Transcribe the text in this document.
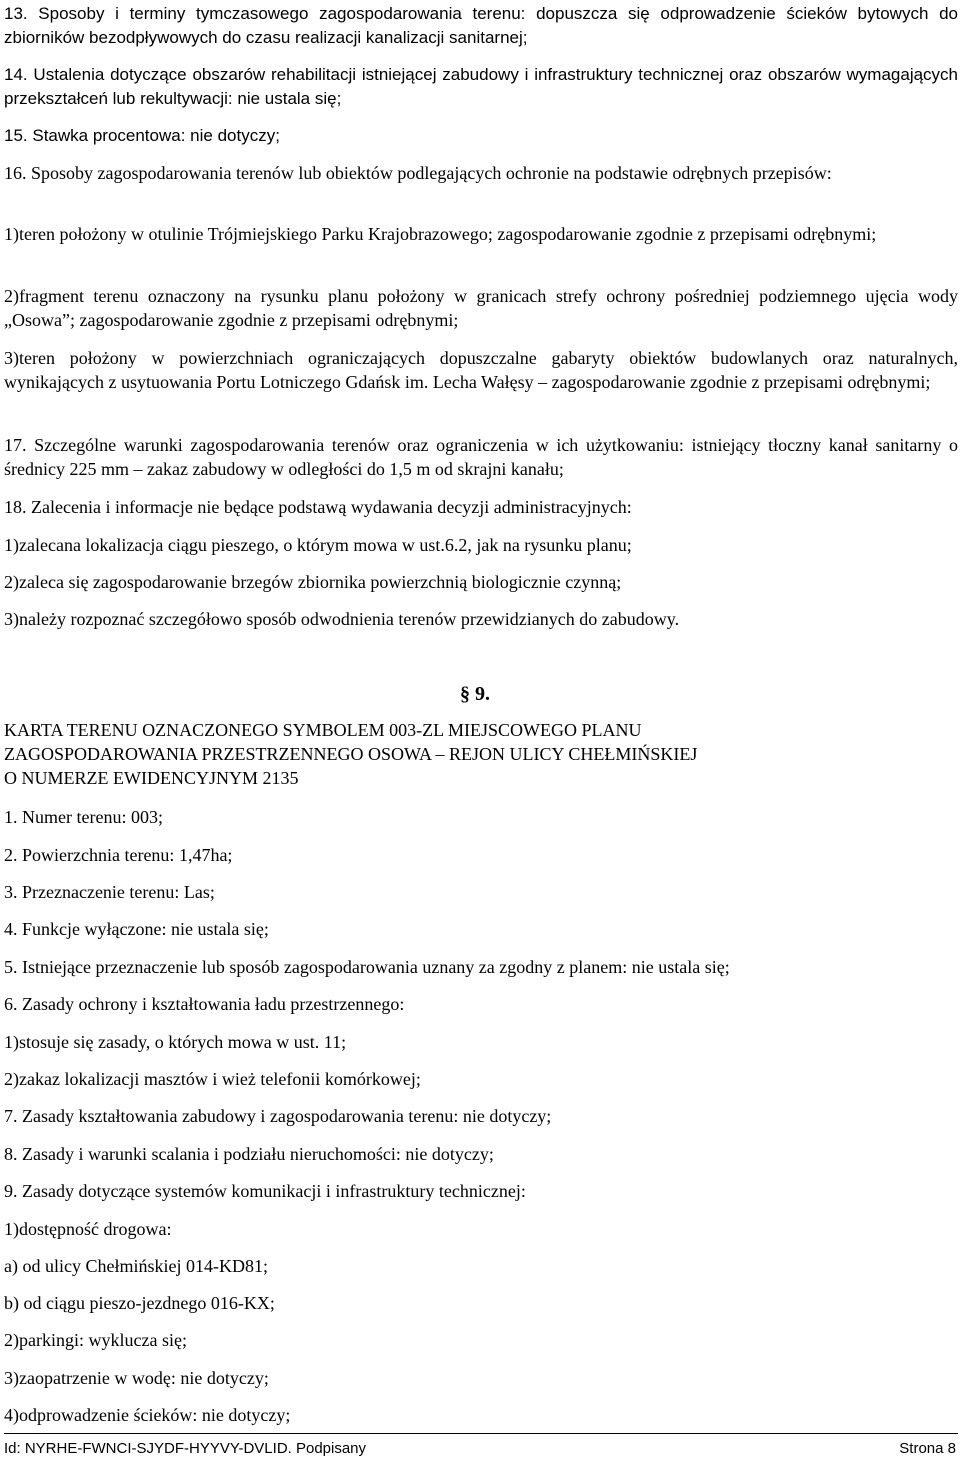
13. Sposoby i terminy tymczasowego zagospodarowania terenu: dopuszcza się odprowadzenie ścieków bytowych do zbiorników bezodpływowych do czasu realizacji kanalizacji sanitarnej;

14. Ustalenia dotyczące obszarów rehabilitacji istniejącej zabudowy i infrastruktury technicznej oraz obszarów wymagających przekształceń lub rekultywacji: nie ustala się;

15. Stawka procentowa: nie dotyczy;

16. Sposoby zagospodarowania terenów lub obiektów podlegających ochronie na podstawie odrębnych przepisów:

1)teren położony w otulinie Trójmiejskiego Parku Krajobrazowego; zagospodarowanie zgodnie z przepisami odrębnymi;

2)fragment terenu oznaczony na rysunku planu położony w granicach strefy ochrony pośredniej podziemnego ujęcia wody „Osowa”; zagospodarowanie zgodnie z przepisami odrębnymi;

3)teren położony w powierzchniach ograniczających dopuszczalne gabaryty obiektów budowlanych oraz naturalnych, wynikających z usytuowania Portu Lotniczego Gdańsk im. Lecha Wałęsy – zagospodarowanie zgodnie z przepisami odrębnymi;

17. Szczególne warunki zagospodarowania terenów oraz ograniczenia w ich użytkowaniu: istniejący tłoczny kanał sanitarny o średnicy 225 mm – zakaz zabudowy w odległości do 1,5 m od skrajni kanału;

18. Zalecenia i informacje nie będące podstawą wydawania decyzji administracyjnych:

1)zalecana lokalizacja ciągu pieszego, o którym mowa w ust.6.2, jak na rysunku planu;

2)zaleca się zagospodarowanie brzegów zbiornika powierzchnią biologicznie czynną;

3)należy rozpoznać szczegółowo sposób odwodnienia terenów przewidzianych do zabudowy.

§ 9.
KARTA TERENU OZNACZONEGO SYMBOLEM 003-ZL MIEJSCOWEGO PLANU
ZAGOSPODAROWANIA PRZESTRZENNEGO OSOWA – REJON ULICY CHEŁMIŃSKIEJ
O NUMERZE EWIDENCYJNYM 2135

1. Numer terenu: 003;

2. Powierzchnia terenu: 1,47ha;

3. Przeznaczenie terenu: Las;

4. Funkcje wyłączone: nie ustala się;

5. Istniejące przeznaczenie lub sposób zagospodarowania uznany za zgodny z planem: nie ustala się;

6. Zasady ochrony i kształtowania ładu przestrzennego:

1)stosuje się zasady, o których mowa w ust. 11;

2)zakaz lokalizacji masztów i wież telefonii komórkowej;

7. Zasady kształtowania zabudowy i zagospodarowania terenu: nie dotyczy;

8. Zasady i warunki scalania i podziału nieruchomości: nie dotyczy;

9. Zasady dotyczące systemów komunikacji i infrastruktury technicznej:

1)dostępność drogowa:

a) od ulicy Chełmińskiej 014-KD81;

b) od ciągu pieszo-jezdnego 016-KX;

2)parkingi: wyklucza się;

3)zaopatrzenie w wodę: nie dotyczy;

4)odprowadzenie ścieków: nie dotyczy;

Id: NYRHE-FWNCI-SJYDF-HYYVY-DVLID. Podpisany	Strona 8
